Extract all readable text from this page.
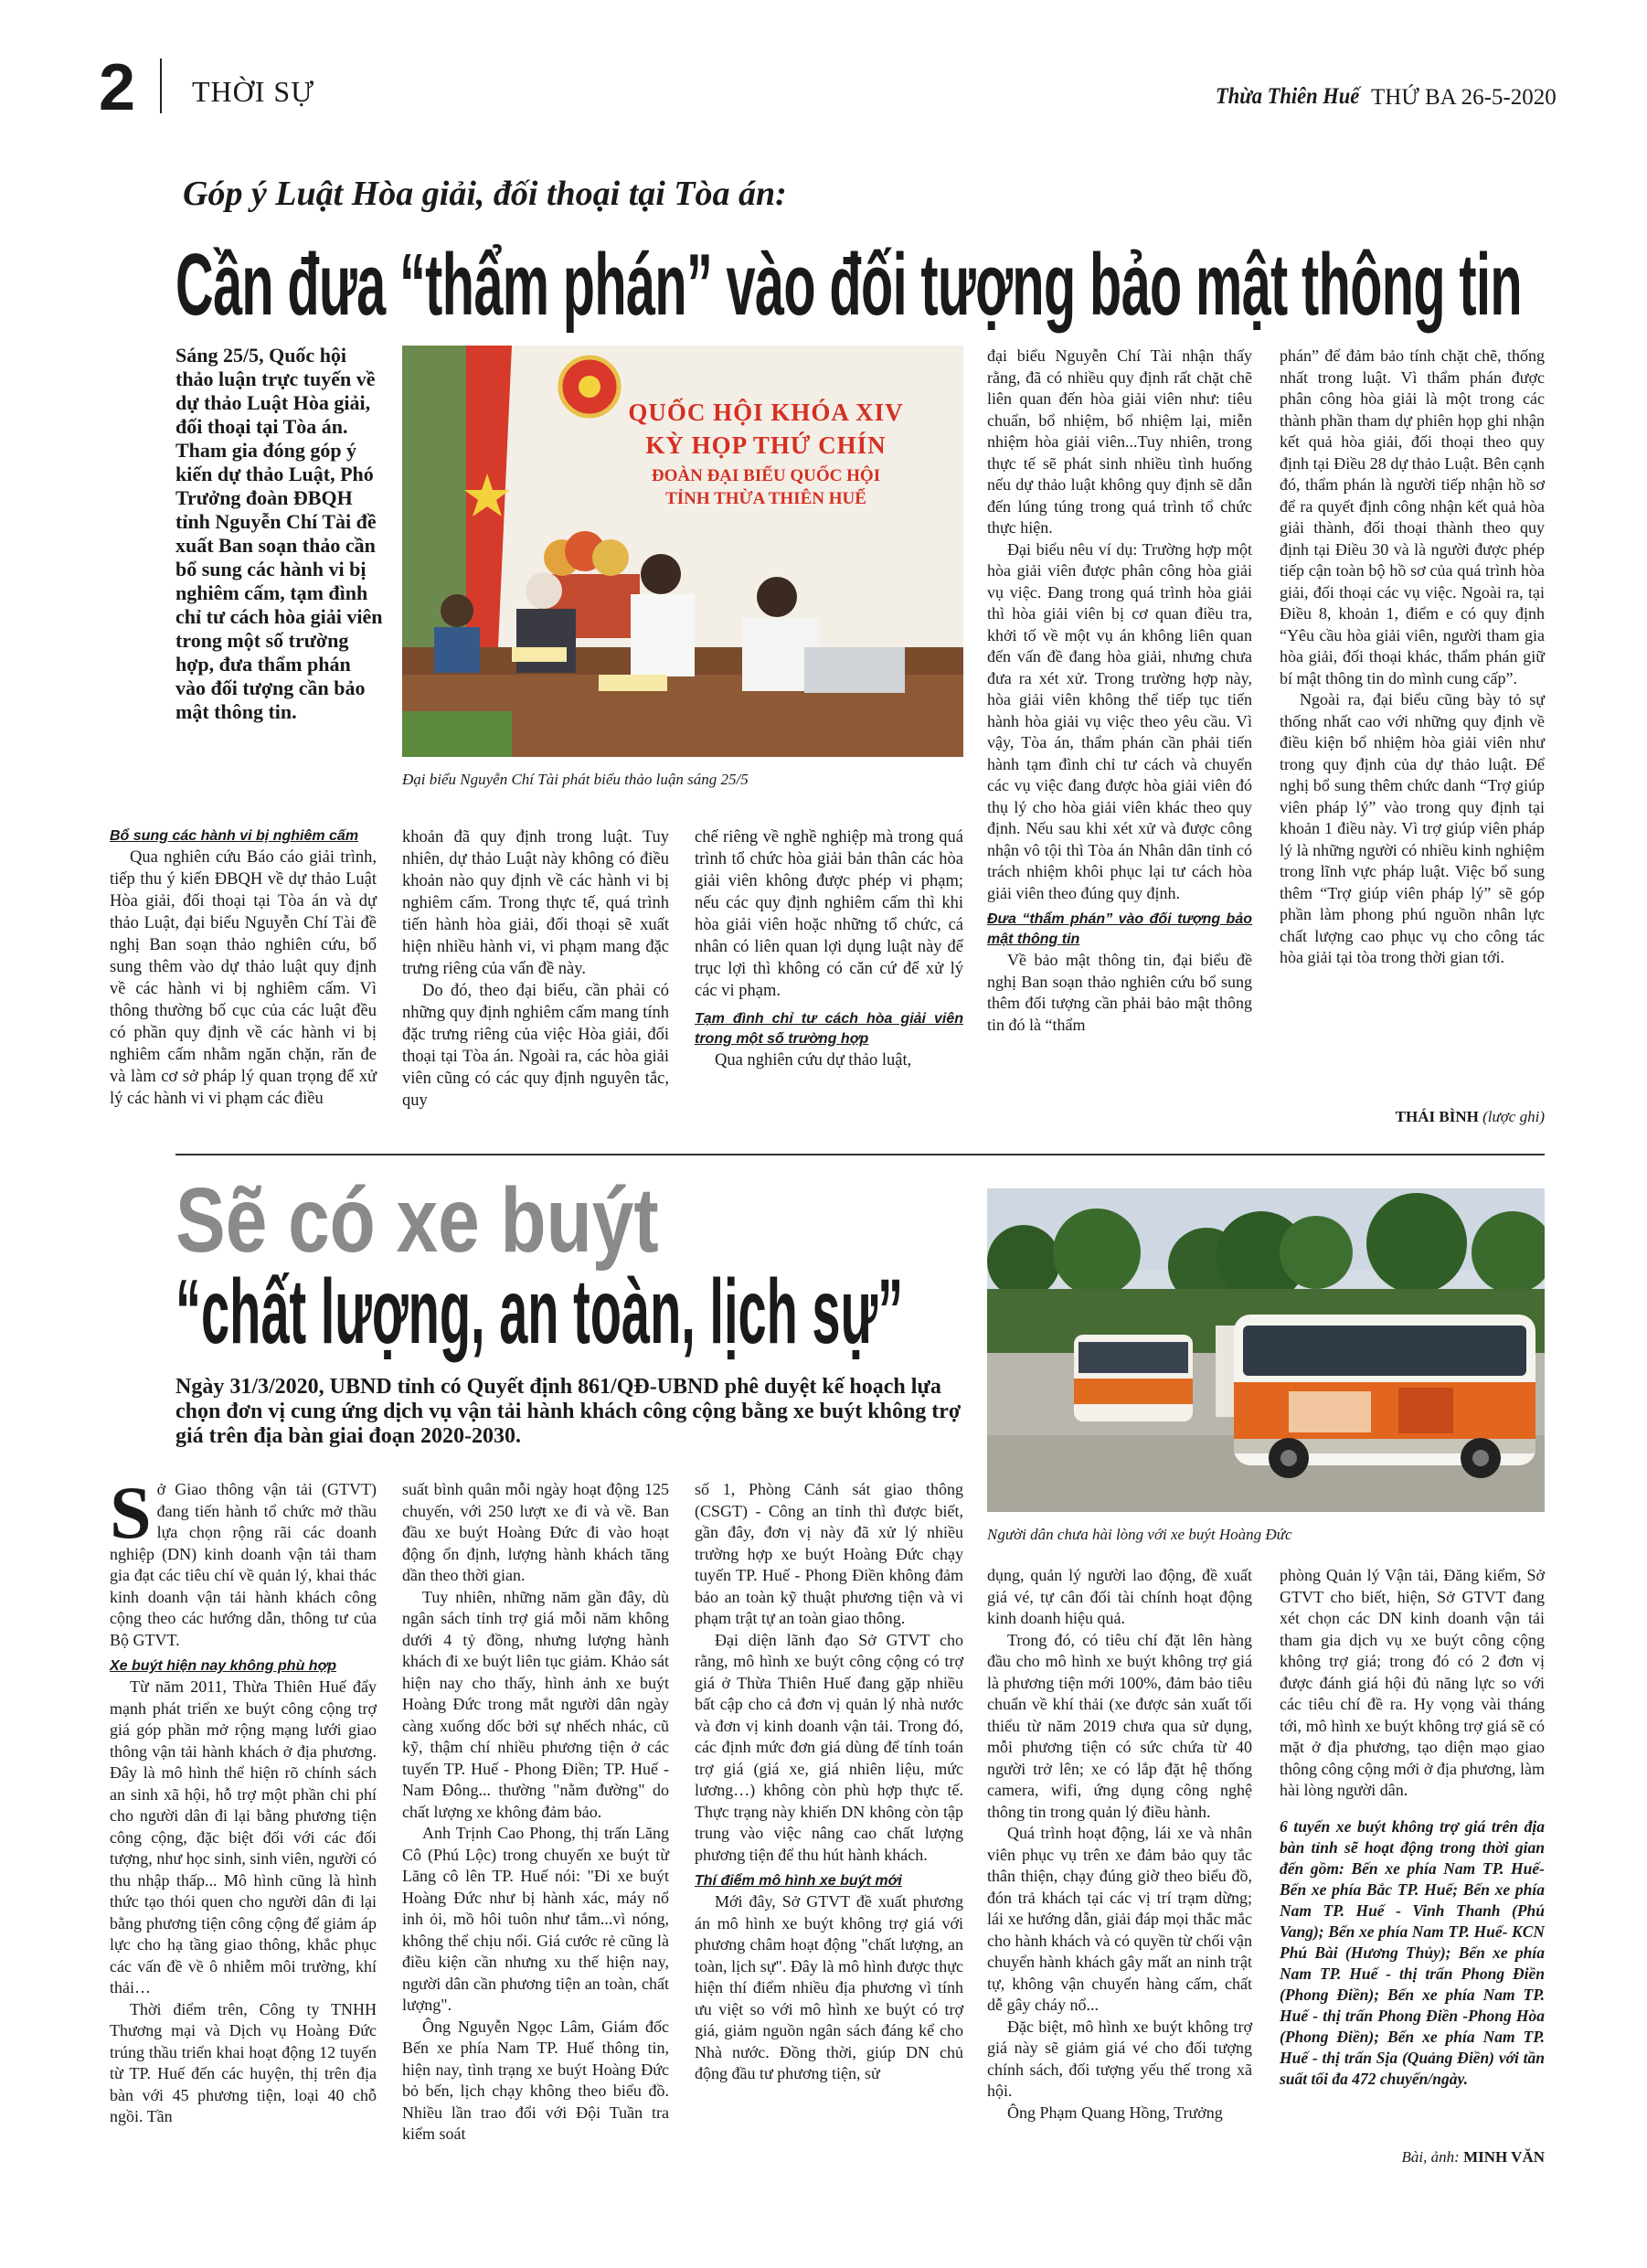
2 THỜI SỰ	Thừa Thiên Huế THỨ BA 26-5-2020
Góp ý Luật Hòa giải, đối thoại tại Tòa án:
Cần đưa “thẩm phán” vào đối tượng bảo mật thông tin
Sáng 25/5, Quốc hội thảo luận trực tuyến về dự thảo Luật Hòa giải, đối thoại tại Tòa án. Tham gia đóng góp ý kiến dự thảo Luật, Phó Trưởng đoàn ĐBQH tỉnh Nguyễn Chí Tài đề xuất Ban soạn thảo cần bổ sung các hành vi bị nghiêm cấm, tạm đình chỉ tư cách hòa giải viên trong một số trường hợp, đưa thẩm phán vào đối tượng cần bảo mật thông tin.
QUỐC HỘI KHÓA XIV
KỲ HỌP THỨ CHÍN
ĐOÀN ĐẠI BIỂU QUỐC HỘI
TỈNH THỪA THIÊN HUẾ
Đại biểu Nguyễn Chí Tài phát biểu thảo luận sáng 25/5

Bổ sung các hành vi bị nghiêm cấm

Qua nghiên cứu Báo cáo giải trình, tiếp thu ý kiến ĐBQH về dự thảo Luật Hòa giải, đối thoại tại Tòa án và dự thảo Luật, đại biểu Nguyễn Chí Tài đề nghị Ban soạn thảo nghiên cứu, bổ sung thêm vào dự thảo luật quy định về các hành vi bị nghiêm cấm. Vì thông thường bố cục của các luật đều có phần quy định về các hành vi bị nghiêm cấm nhằm ngăn chặn, răn đe và làm cơ sở pháp lý quan trọng để xử lý các hành vi vi phạm các điều

khoản đã quy định trong luật. Tuy nhiên, dự thảo Luật này không có điều khoản nào quy định về các hành vi bị nghiêm cấm. Trong thực tế, quá trình tiến hành hòa giải, đối thoại sẽ xuất hiện nhiều hành vi, vi phạm mang đặc trưng riêng của vấn đề này.

Do đó, theo đại biểu, cần phải có những quy định nghiêm cấm mang tính đặc trưng riêng của việc Hòa giải, đối thoại tại Tòa án. Ngoài ra, các hòa giải viên cũng có các quy định nguyên tắc, quy

chế riêng về nghề nghiệp mà trong quá trình tổ chức hòa giải bản thân các hòa giải viên không được phép vi phạm; nếu các quy định nghiêm cấm thì khi hòa giải viên hoặc những tổ chức, cá nhân có liên quan lợi dụng luật này để trục lợi thì không có căn cứ để xử lý các vi phạm.

Tạm đình chỉ tư cách hòa giải viên trong một số trường hợp

Qua nghiên cứu dự thảo luật,

đại biểu Nguyễn Chí Tài nhận thấy rằng, đã có nhiều quy định rất chặt chẽ liên quan đến hòa giải viên như: tiêu chuẩn, bổ nhiệm, bổ nhiệm lại, miễn nhiệm hòa giải viên...Tuy nhiên, trong thực tế sẽ phát sinh nhiều tình huống nếu dự thảo luật không quy định sẽ dẫn đến lúng túng trong quá trình tổ chức thực hiện.

Đại biểu nêu ví dụ: Trường hợp một hòa giải viên được phân công hòa giải vụ việc. Đang trong quá trình hòa giải thì hòa giải viên bị cơ quan điều tra, khởi tố về một vụ án không liên quan đến vấn đề đang hòa giải, nhưng chưa đưa ra xét xử. Trong trường hợp này, hòa giải viên không thể tiếp tục tiến hành hòa giải vụ việc theo yêu cầu. Vì vậy, Tòa án, thẩm phán cần phải tiến hành tạm đình chỉ tư cách và chuyển các vụ việc đang được hòa giải viên đó thụ lý cho hòa giải viên khác theo quy định. Nếu sau khi xét xử và được công nhận vô tội thì Tòa án Nhân dân tỉnh có trách nhiệm khôi phục lại tư cách hòa giải viên theo đúng quy định.

Đưa “thẩm phán” vào đối tượng bảo mật thông tin

Về bảo mật thông tin, đại biểu đề nghị Ban soạn thảo nghiên cứu bổ sung thêm đối tượng cần phải bảo mật thông tin đó là “thẩm

phán” để đảm bảo tính chặt chẽ, thống nhất trong luật. Vì thẩm phán được phân công hòa giải là một trong các thành phần tham dự phiên họp ghi nhận kết quả hòa giải, đối thoại theo quy định tại Điều 28 dự thảo Luật. Bên cạnh đó, thẩm phán là người tiếp nhận hồ sơ để ra quyết định công nhận kết quả hòa giải thành, đối thoại thành theo quy định tại Điều 30 và là người được phép tiếp cận toàn bộ hồ sơ của quá trình hòa giải, đối thoại các vụ việc. Ngoài ra, tại Điều 8, khoản 1, điểm e có quy định “Yêu cầu hòa giải viên, người tham gia hòa giải, đối thoại khác, thẩm phán giữ bí mật thông tin do mình cung cấp”.

Ngoài ra, đại biểu cũng bày tỏ sự thống nhất cao với những quy định về điều kiện bổ nhiệm hòa giải viên như trong quy định của dự thảo luật. Để nghị bổ sung thêm chức danh “Trợ giúp viên pháp lý” vào trong quy định tại khoản 1 điều này. Vì trợ giúp viên pháp lý là những người có nhiều kinh nghiệm trong lĩnh vực pháp luật. Việc bổ sung thêm “Trợ giúp viên pháp lý” sẽ góp phần làm phong phú nguồn nhân lực chất lượng cao phục vụ cho công tác hòa giải tại tòa trong thời gian tới.

THÁI BÌNH (lược ghi)
Sẽ có xe buýt
“chất lượng, an toàn, lịch sự”
Ngày 31/3/2020, UBND tỉnh có Quyết định 861/QĐ-UBND phê duyệt kế hoạch lựa chọn đơn vị cung ứng dịch vụ vận tải hành khách công cộng bằng xe buýt không trợ giá trên địa bàn giai đoạn 2020-2030.
Người dân chưa hài lòng với xe buýt Hoàng Đức

Sở Giao thông vận tải (GTVT) đang tiến hành tổ chức mở thầu lựa chọn rộng rãi các doanh nghiệp (DN) kinh doanh vận tải tham gia đạt các tiêu chí về quản lý, khai thác kinh doanh vận tải hành khách công cộng theo các hướng dẫn, thông tư của Bộ GTVT.

Xe buýt hiện nay không phù hợp

Từ năm 2011, Thừa Thiên Huế đẩy mạnh phát triển xe buýt công cộng trợ giá góp phần mở rộng mạng lưới giao thông vận tải hành khách ở địa phương. Đây là mô hình thể hiện rõ chính sách an sinh xã hội, hỗ trợ một phần chi phí cho người dân đi lại bằng phương tiện công cộng, đặc biệt đối với các đối tượng, như học sinh, sinh viên, người có thu nhập thấp... Mô hình cũng là hình thức tạo thói quen cho người dân đi lại bằng phương tiện công cộng để giảm áp lực cho hạ tầng giao thông, khắc phục các vấn đề về ô nhiễm môi trường, khí thải…

Thời điểm trên, Công ty TNHH Thương mại và Dịch vụ Hoàng Đức trúng thầu triển khai hoạt động 12 tuyến từ TP. Huế đến các huyện, thị trên địa bàn với 45 phương tiện, loại 40 chỗ ngồi. Tần

suất bình quân mỗi ngày hoạt động 125 chuyến, với 250 lượt xe đi và về. Ban đầu xe buýt Hoàng Đức đi vào hoạt động ổn định, lượng hành khách tăng dần theo thời gian.

Tuy nhiên, những năm gần đây, dù ngân sách tỉnh trợ giá mỗi năm không dưới 4 tỷ đồng, nhưng lượng hành khách đi xe buýt liên tục giảm. Khảo sát hiện nay cho thấy, hình ảnh xe buýt Hoàng Đức trong mắt người dân ngày càng xuống dốc bởi sự nhếch nhác, cũ kỹ, thậm chí nhiều phương tiện ở các tuyến TP. Huế - Phong Điền; TP. Huế - Nam Đông... thường "nằm đường" do chất lượng xe không đảm bảo.

Anh Trịnh Cao Phong, thị trấn Lăng Cô (Phú Lộc) trong chuyến xe buýt từ Lăng cô lên TP. Huế nói: "Đi xe buýt Hoàng Đức như bị hành xác, máy nổ inh ỏi, mồ hôi tuôn như tắm...vì nóng, không thể chịu nổi. Giá cước rẻ cũng là điều kiện cần nhưng xu thế hiện nay, người dân cần phương tiện an toàn, chất lượng".

Ông Nguyễn Ngọc Lâm, Giám đốc Bến xe phía Nam TP. Huế thông tin, hiện nay, tình trạng xe buýt Hoàng Đức bỏ bến, lịch chạy không theo biểu đồ. Nhiều lần trao đổi với Đội Tuần tra kiểm soát

số 1, Phòng Cảnh sát giao thông (CSGT) - Công an tỉnh thì được biết, gần đây, đơn vị này đã xử lý nhiều trường hợp xe buýt Hoàng Đức chạy tuyến TP. Huế - Phong Điền không đảm bảo an toàn kỹ thuật phương tiện và vi phạm trật tự an toàn giao thông.

Đại diện lãnh đạo Sở GTVT cho rằng, mô hình xe buýt công cộng có trợ giá ở Thừa Thiên Huế đang gặp nhiều bất cập cho cả đơn vị quản lý nhà nước và đơn vị kinh doanh vận tải. Trong đó, các định mức đơn giá dùng để tính toán trợ giá (giá xe, giá nhiên liệu, mức lương…) không còn phù hợp thực tế. Thực trạng này khiến DN không còn tập trung vào việc nâng cao chất lượng phương tiện để thu hút hành khách.

Thí điểm mô hình xe buýt mới

Mới đây, Sở GTVT đề xuất phương án mô hình xe buýt không trợ giá với phương châm hoạt động "chất lượng, an toàn, lịch sự". Đây là mô hình được thực hiện thí điểm nhiều địa phương vì tính ưu việt so với mô hình xe buýt có trợ giá, giảm nguồn ngân sách đáng kể cho Nhà nước. Đồng thời, giúp DN chủ động đầu tư phương tiện, sử

dụng, quản lý người lao động, đề xuất giá vé, tự cân đối tài chính hoạt động kinh doanh hiệu quả.

Trong đó, có tiêu chí đặt lên hàng đầu cho mô hình xe buýt không trợ giá là phương tiện mới 100%, đảm bảo tiêu chuẩn về khí thải (xe được sản xuất tối thiểu từ năm 2019 chưa qua sử dụng, mỗi phương tiện có sức chứa từ 40 người trở lên; xe có lắp đặt hệ thống camera, wifi, ứng dụng công nghệ thông tin trong quản lý điều hành.

Quá trình hoạt động, lái xe và nhân viên phục vụ trên xe đảm bảo quy tắc thân thiện, chạy đúng giờ theo biểu đồ, đón trả khách tại các vị trí trạm dừng; lái xe hướng dẫn, giải đáp mọi thắc mắc cho hành khách và có quyền từ chối vận chuyển hành khách gây mất an ninh trật tự, không vận chuyển hàng cấm, chất dễ gây cháy nổ...

Đặc biệt, mô hình xe buýt không trợ giá này sẽ giảm giá vé cho đối tượng chính sách, đối tượng yếu thế trong xã hội.

Ông Phạm Quang Hồng, Trưởng

phòng Quản lý Vận tải, Đăng kiểm, Sở GTVT cho biết, hiện, Sở GTVT đang xét chọn các DN kinh doanh vận tải tham gia dịch vụ xe buýt công cộng không trợ giá; trong đó có 2 đơn vị được đánh giá hội đủ năng lực so với các tiêu chí đề ra. Hy vọng vài tháng tới, mô hình xe buýt không trợ giá sẽ có mặt ở địa phương, tạo diện mạo giao thông công cộng mới ở địa phương, làm hài lòng người dân.

6 tuyến xe buýt không trợ giá trên địa bàn tỉnh sẽ hoạt động trong thời gian đến gồm: Bến xe phía Nam TP. Huế-Bến xe phía Bắc TP. Huế; Bến xe phía Nam TP. Huế - Vinh Thanh (Phú Vang); Bến xe phía Nam TP. Huế- KCN Phú Bài (Hương Thủy); Bến xe phía Nam TP. Huế - thị trấn Phong Điền (Phong Điền); Bến xe phía Nam TP. Huế - thị trấn Phong Điền -Phong Hòa (Phong Điền); Bến xe phía Nam TP. Huế - thị trấn Sịa (Quảng Điền) với tần suất tối đa 472 chuyến/ngày.

Bài, ảnh: MINH VĂN
